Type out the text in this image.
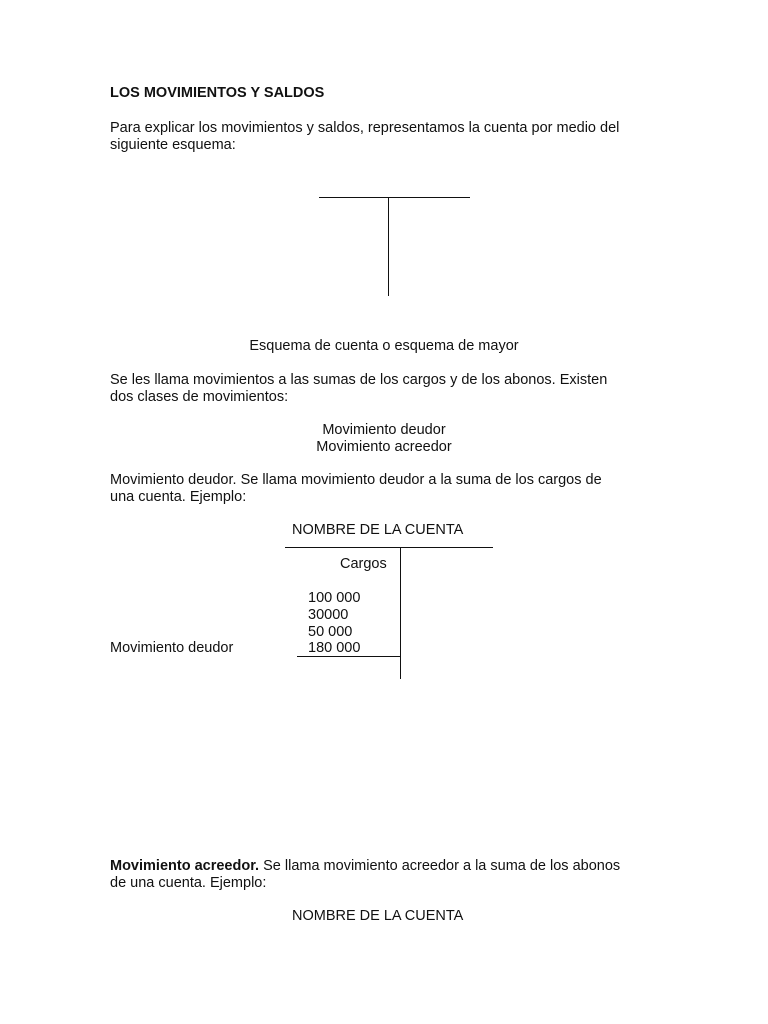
LOS MOVIMIENTOS Y SALDOS
Para explicar los movimientos y saldos, representamos la cuenta por medio del
siguiente esquema:
Esquema de cuenta o esquema de mayor
Se les llama movimientos a las sumas de los cargos y de los abonos. Existen
dos clases de movimientos:
Movimiento deudor
Movimiento acreedor
Movimiento deudor. Se llama movimiento deudor a la suma de los cargos de
una cuenta. Ejemplo:
NOMBRE DE LA CUENTA
Cargos
100 000
30000
50 000
Movimiento deudor	180 000
Movimiento acreedor. Se llama movimiento acreedor a la suma de los abonos
de una cuenta. Ejemplo:
NOMBRE DE LA CUENTA
